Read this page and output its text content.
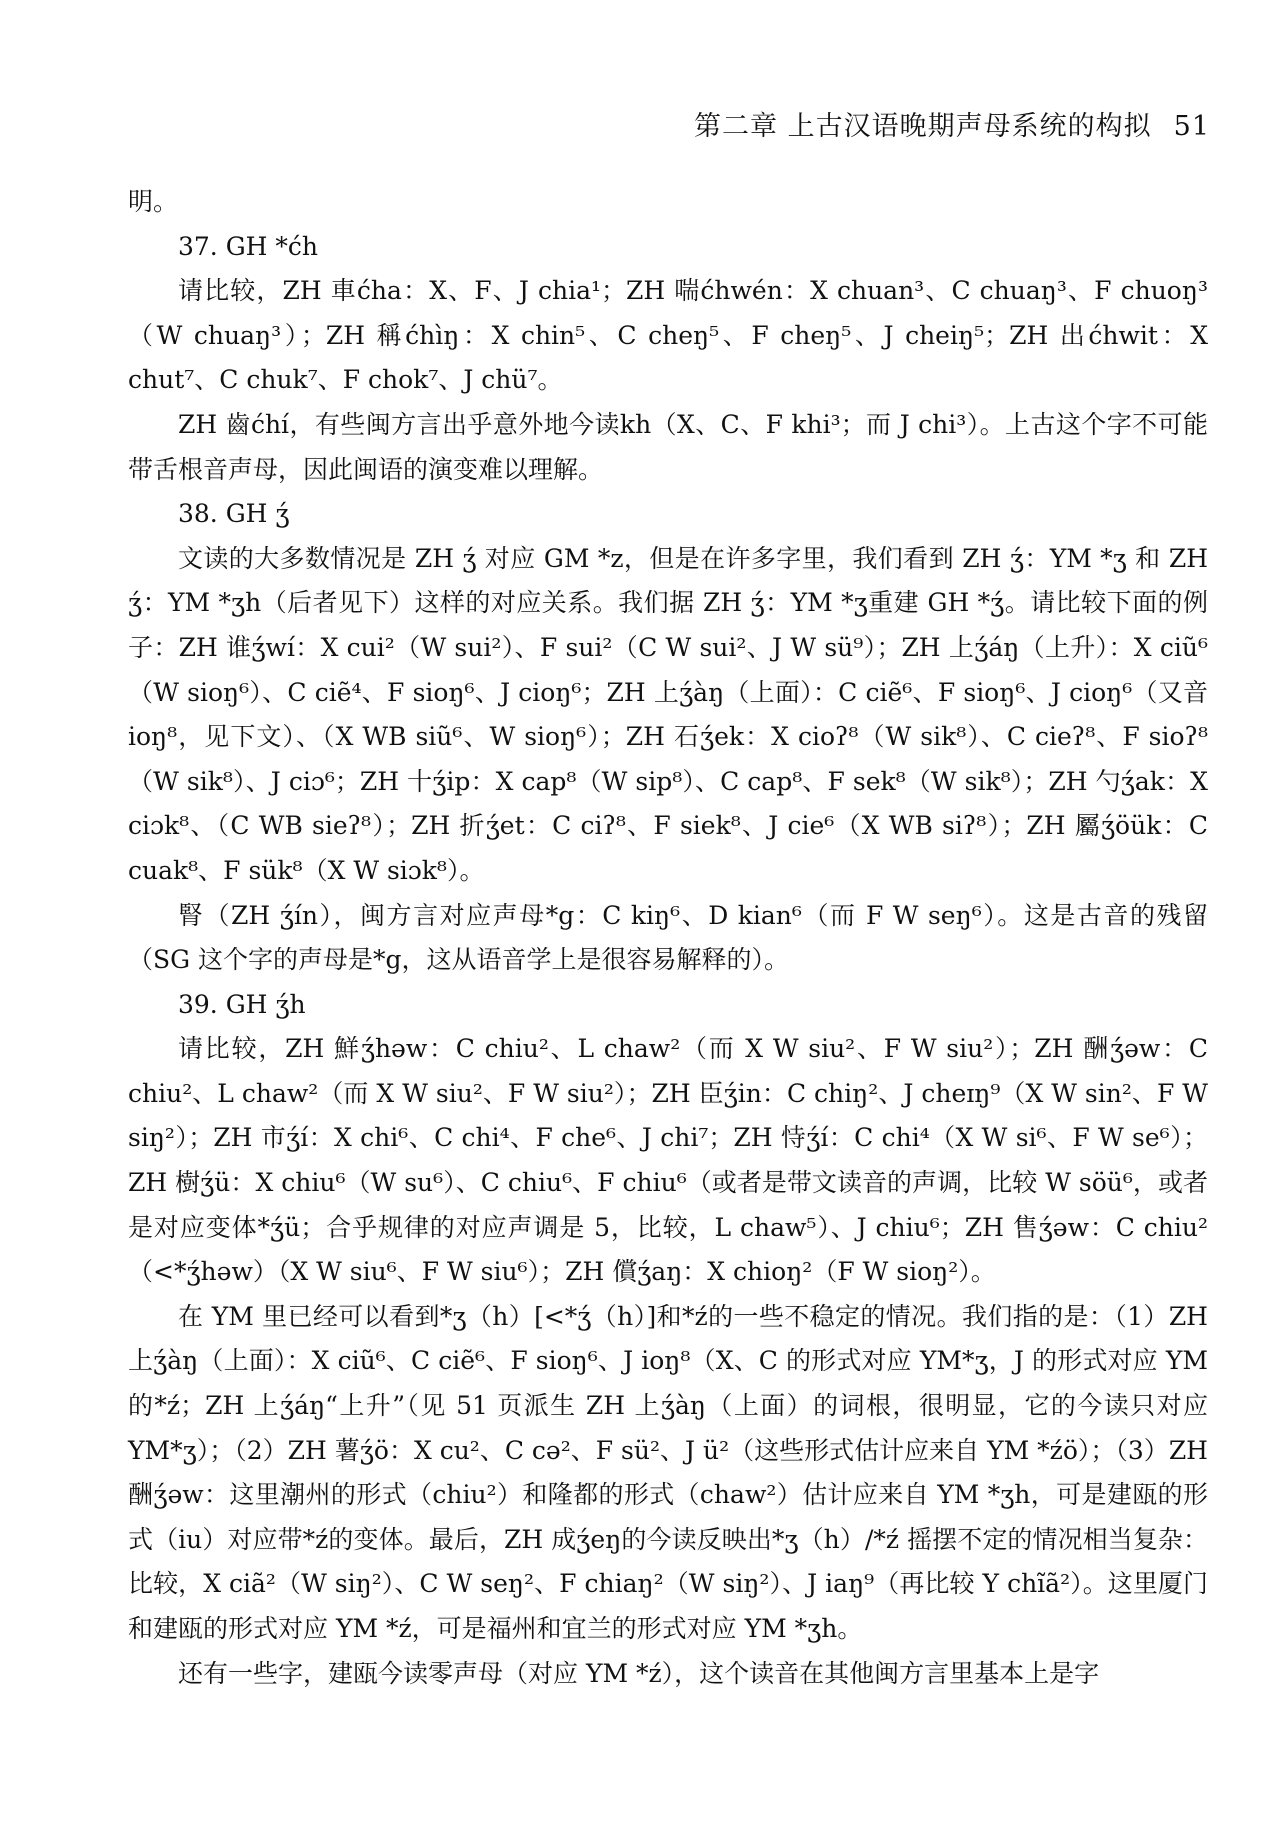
第二章 上古汉语晚期声母系统的构拟 51

明。

37. GH *ćh

请比较，ZH 車ćha：X、F、J chia¹；ZH 喘ćhwén：X chuan³、C chuaŋ³、F chuoŋ³（W chuaŋ³）；ZH 稱ćhìŋ：X chin⁵、C cheŋ⁵、F cheŋ⁵、J cheiŋ⁵；ZH 出ćhwit：X chut⁷、C chuk⁷、F chok⁷、J chü⁷。

ZH 齒ćhí，有些闽方言出乎意外地今读kh（X、C、F khi³；而 J chi³）。上古这个字不可能带舌根音声母，因此闽语的演变难以理解。

38. GH ʒ́

文读的大多数情况是 ZH ʒ́ 对应 GM *z，但是在许多字里，我们看到 ZH ʒ́：YM *ʒ 和 ZH ʒ́：YM *ʒh（后者见下）这样的对应关系。我们据 ZH ʒ́：YM *ʒ重建 GH *ʒ́。请比较下面的例子：ZH 谁ʒ́wí：X cui²（W sui²）、F sui²（C W sui²、J W sü⁹）；ZH 上ʒ́áŋ（上升）：X ciũ⁶（W sioŋ⁶）、C ciẽ⁴、F sioŋ⁶、J cioŋ⁶；ZH 上ʒ́àŋ（上面）：C ciẽ⁶、F sioŋ⁶、J cioŋ⁶（又音ioŋ⁸，见下文）、（X WB siũ⁶、W sioŋ⁶）；ZH 石ʒ́ek：X cioʔ⁸（W sik⁸）、C cieʔ⁸、F sioʔ⁸（W sik⁸）、J ciɔ⁶；ZH 十ʒ́ip：X cap⁸（W sip⁸）、C cap⁸、F sek⁸（W sik⁸）；ZH 勺ʒ́ak：X ciɔk⁸、（C WB sieʔ⁸）；ZH 折ʒ́et：C ciʔ⁸、F siek⁸、J cie⁶（X WB siʔ⁸）；ZH 屬ʒ́öük：C cuak⁸、F sük⁸（X W siɔk⁸）。

腎（ZH ʒ́ín），闽方言对应声母*g：C kiŋ⁶、D kian⁶（而 F W seŋ⁶）。这是古音的残留（SG 这个字的声母是*g，这从语音学上是很容易解释的）。

39. GH ʒ́h

请比较，ZH 鮮ʒ́həw：C chiu²、L chaw²（而 X W siu²、F W siu²）；ZH 酬ʒ́əw：C chiu²、L chaw²（而 X W siu²、F W siu²）；ZH 臣ʒ́in：C chiŋ²、J cheɪŋ⁹（X W sin²、F W siŋ²）；ZH 市ʒ́í：X chi⁶、C chi⁴、F che⁶、J chi⁷；ZH 恃ʒ́í：C chi⁴（X W si⁶、F W se⁶）；ZH 樹ʒ́ü：X chiu⁶（W su⁶）、C chiu⁶、F chiu⁶（或者是带文读音的声调，比较 W söü⁶，或者是对应变体*ʒ́ü；合乎规律的对应声调是 5，比较，L chaw⁵）、J chiu⁶；ZH 售ʒ́əw：C chiu²（<*ʒ́həw）（X W siu⁶、F W siu⁶）；ZH 償ʒ́aŋ：X chioŋ²（F W sioŋ²）。

在 YM 里已经可以看到*ʒ（h）[<*ʒ́（h）]和*ź的一些不稳定的情况。我们指的是：（1）ZH 上ʒ́àŋ（上面）：X ciũ⁶、C ciẽ⁶、F sioŋ⁶、J ioŋ⁸（X、C 的形式对应 YM*ʒ，J 的形式对应 YM 的*ź；ZH 上ʒ́áŋ“上升”（见 51 页派生 ZH 上ʒ́àŋ（上面）的词根，很明显，它的今读只对应 YM*ʒ）；（2）ZH 薯ʒ́ö：X cu²、C cə²、F sü²、J ü²（这些形式估计应来自 YM *źö）；（3）ZH 酬ʒ́əw：这里潮州的形式（chiu²）和隆都的形式（chaw²）估计应来自 YM *ʒh，可是建瓯的形式（iu）对应带*ź的变体。最后，ZH 成ʒ́eŋ的今读反映出*ʒ（h）/*ź 摇摆不定的情况相当复杂：比较，X ciã²（W siŋ²）、C W seŋ²、F chiaŋ²（W siŋ²）、J iaŋ⁹（再比较 Y chĩã²）。这里厦门和建瓯的形式对应 YM *ź，可是福州和宜兰的形式对应 YM *ʒh。

还有一些字，建瓯今读零声母（对应 YM *ź），这个读音在其他闽方言里基本上是字
